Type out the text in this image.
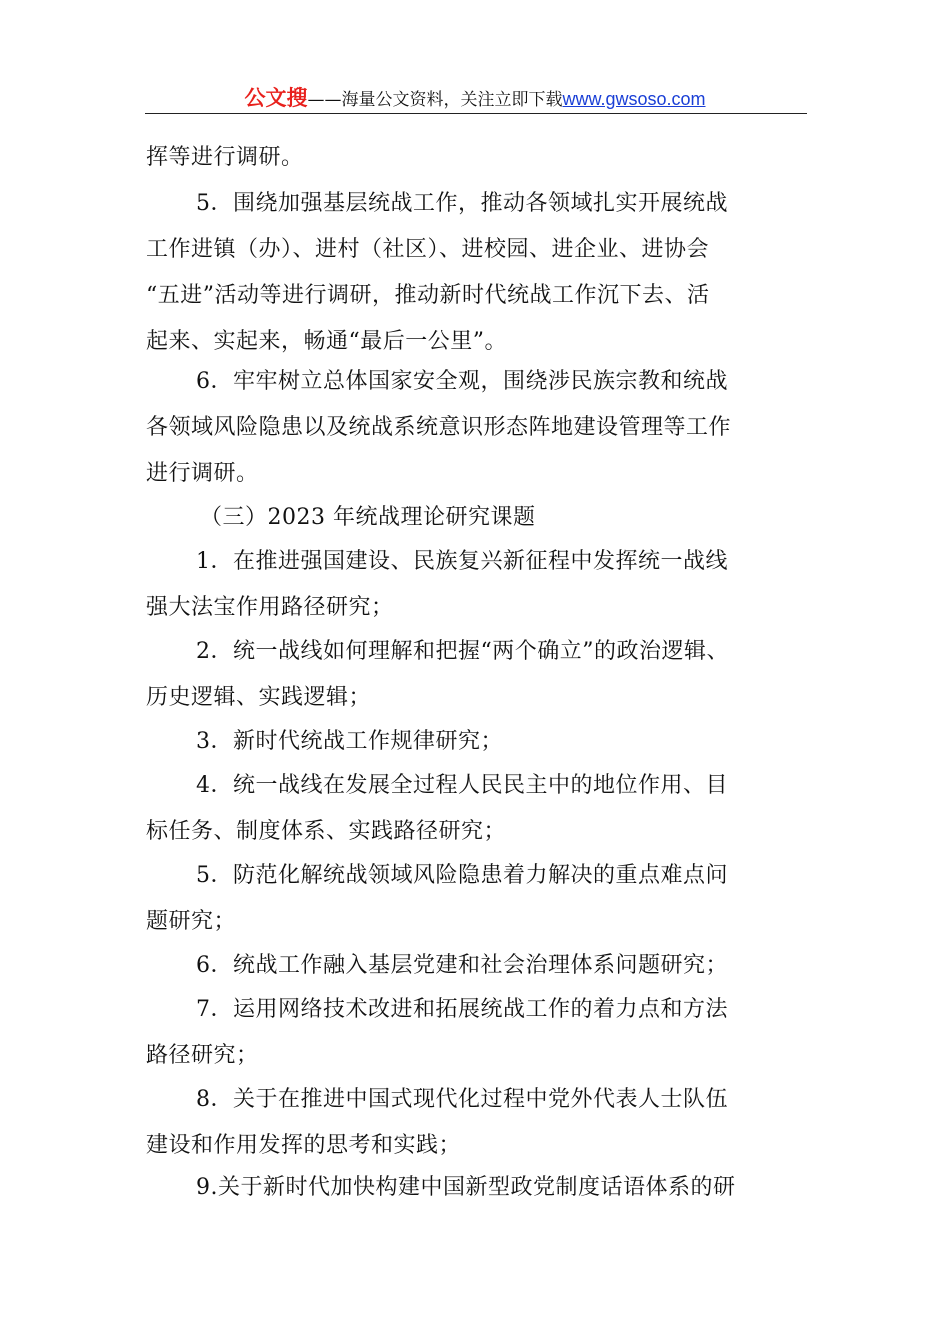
公文搜——海量公文资料，关注立即下载www.gwsoso.com
挥等进行调研。
5．围绕加强基层统战工作，推动各领域扎实开展统战
工作进镇（办）、进村（社区）、进校园、进企业、进协会
“五进”活动等进行调研，推动新时代统战工作沉下去、活
起来、实起来，畅通“最后一公里”。
6．牢牢树立总体国家安全观，围绕涉民族宗教和统战
各领域风险隐患以及统战系统意识形态阵地建设管理等工作
进行调研。
（三）2023 年统战理论研究课题
1．在推进强国建设、民族复兴新征程中发挥统一战线
强大法宝作用路径研究；
2．统一战线如何理解和把握“两个确立”的政治逻辑、
历史逻辑、实践逻辑；
3．新时代统战工作规律研究；
4．统一战线在发展全过程人民民主中的地位作用、目
标任务、制度体系、实践路径研究；
5．防范化解统战领域风险隐患着力解决的重点难点问
题研究；
6．统战工作融入基层党建和社会治理体系问题研究；
7．运用网络技术改进和拓展统战工作的着力点和方法
路径研究；
8．关于在推进中国式现代化过程中党外代表人士队伍
建设和作用发挥的思考和实践；
9.关于新时代加快构建中国新型政党制度话语体系的研
